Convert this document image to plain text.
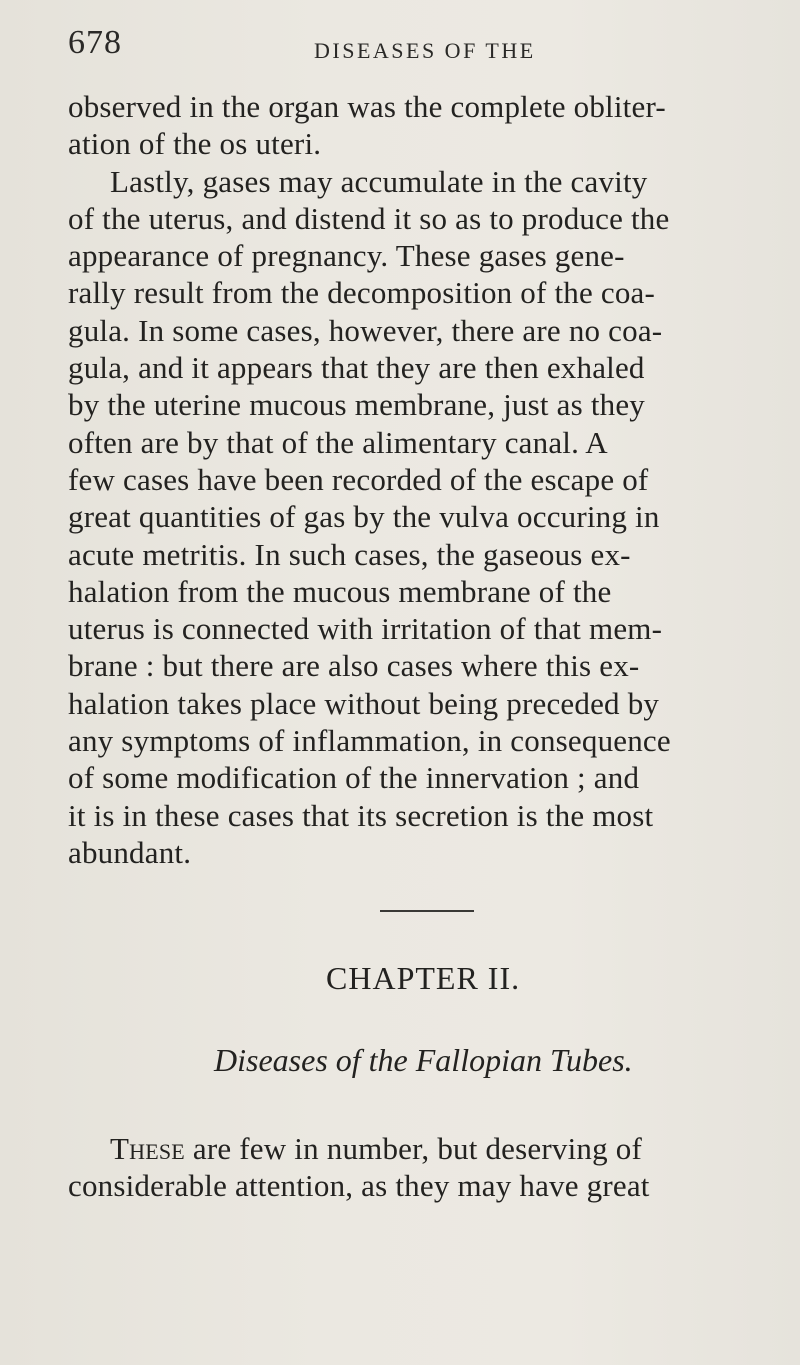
678	DISEASES OF THE
observed in the organ was the complete obliter-
ation of the os uteri.
Lastly, gases may accumulate in the cavity
of the uterus, and distend it so as to produce the
appearance of pregnancy. These gases gene-
rally result from the decomposition of the coa-
gula. In some cases, however, there are no coa-
gula, and it appears that they are then exhaled
by the uterine mucous membrane, just as they
often are by that of the alimentary canal. A
few cases have been recorded of the escape of
great quantities of gas by the vulva occuring in
acute metritis. In such cases, the gaseous ex-
halation from the mucous membrane of the
uterus is connected with irritation of that mem-
brane : but there are also cases where this ex-
halation takes place without being preceded by
any symptoms of inflammation, in consequence
of some modification of the innervation ; and
it is in these cases that its secretion is the most
abundant.
CHAPTER II.
Diseases of the Fallopian Tubes.
These are few in number, but deserving of
considerable attention, as they may have great
